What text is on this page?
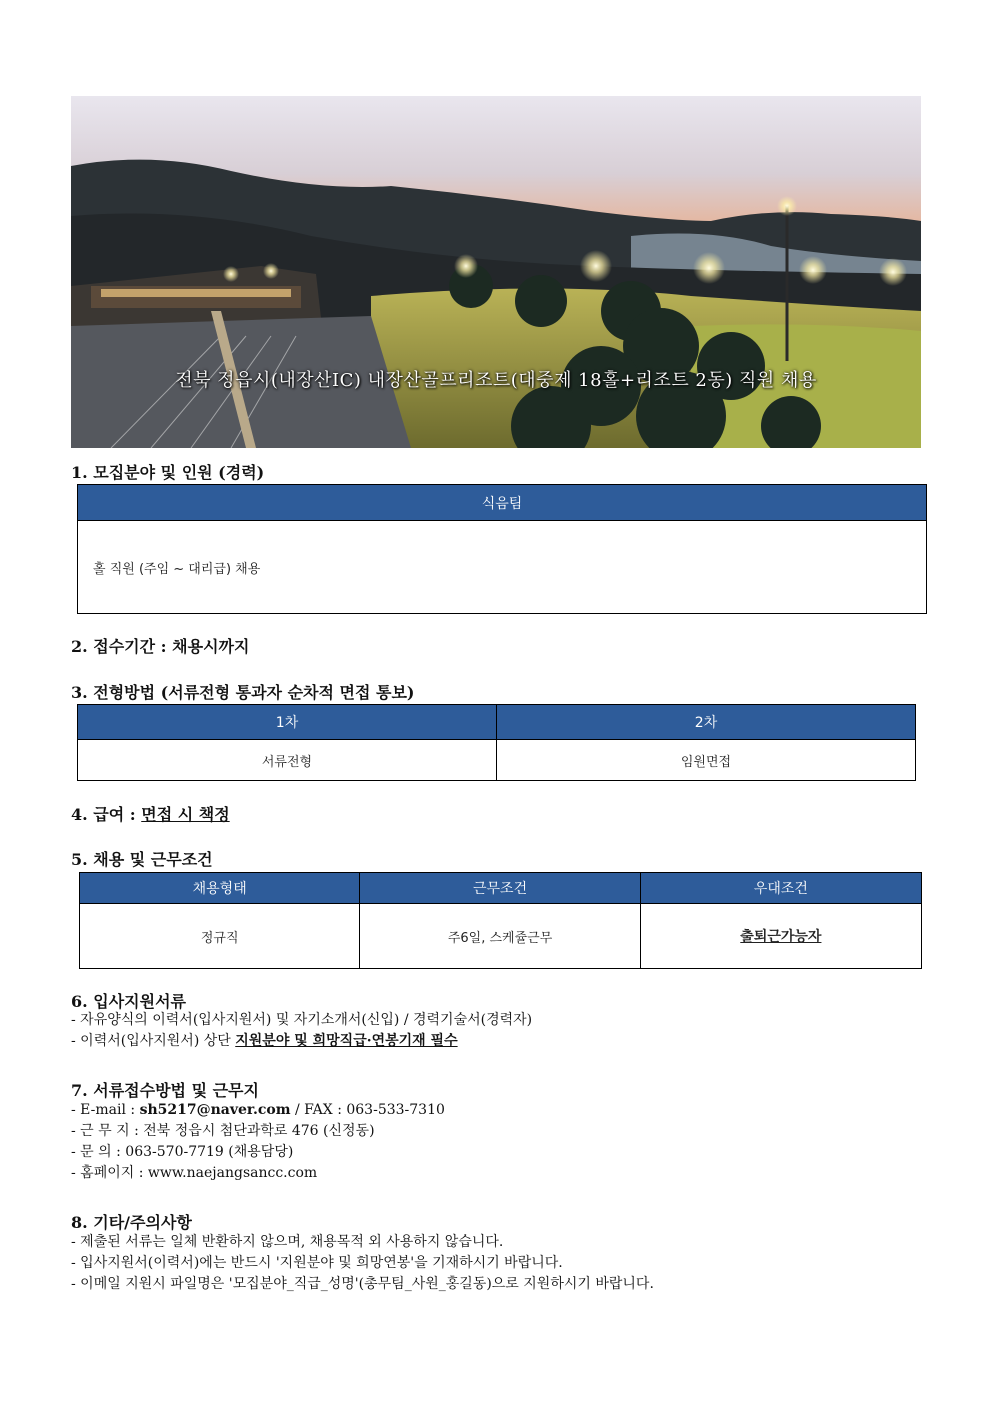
전북 정읍시(내장산IC) 내장산골프리조트(대중제 18홀+리조트 2동) 직원 채용
1. 모집분야 및 인원 (경력)
식음팀
홀 직원 (주임 ~ 대리급) 채용
2. 접수기간 : 채용시까지
3. 전형방법 (서류전형 통과자 순차적 면접 통보)
1차	2차
서류전형	임원면접
4. 급여 : 면접 시 책정
5. 채용 및 근무조건
채용형태	근무조건	우대조건
정규직	주6일, 스케쥴근무	출퇴근가능자
6. 입사지원서류
- 자유양식의 이력서(입사지원서) 및 자기소개서(신입) / 경력기술서(경력자)
- 이력서(입사지원서) 상단 지원분야 및 희망직급·연봉기재 필수
7. 서류접수방법 및 근무지
- E-mail : sh5217@naver.com / FAX : 063-533-7310
- 근 무 지 : 전북 정읍시 첨단과학로 476 (신정동)
- 문 의 : 063-570-7719 (채용담당)
- 홈페이지 : www.naejangsancc.com
8. 기타/주의사항
- 제출된 서류는 일체 반환하지 않으며, 채용목적 외 사용하지 않습니다.
- 입사지원서(이력서)에는 반드시 '지원분야 및 희망연봉'을 기재하시기 바랍니다.
- 이메일 지원시 파일명은 '모집분야_직급_성명'(총무팀_사원_홍길동)으로 지원하시기 바랍니다.
